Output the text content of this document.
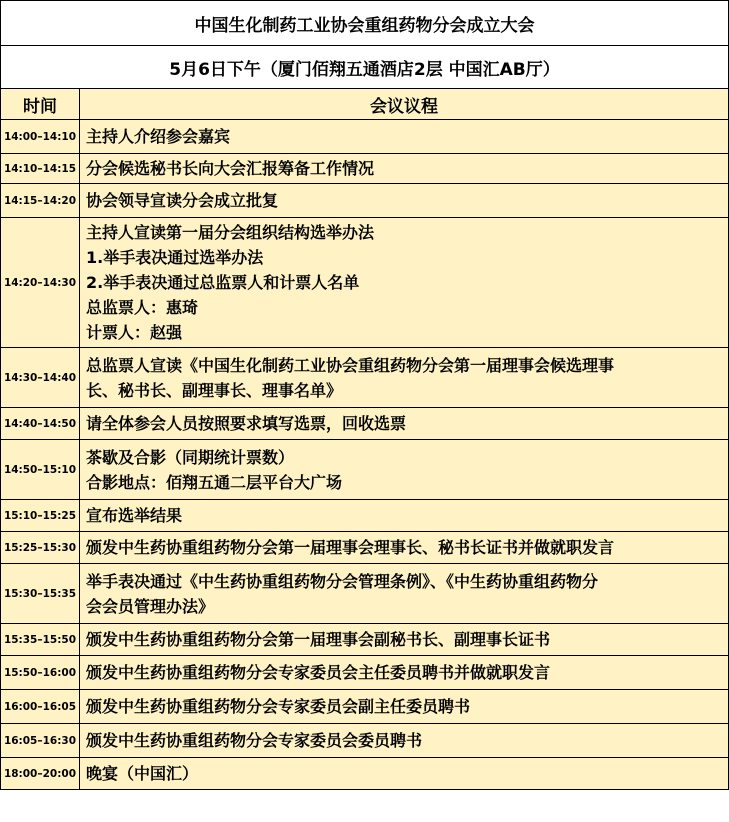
中国生化制药工业协会重组药物分会成立大会	
5月6日下午（厦门佰翔五通酒店2层 中国汇AB厅）	
时间	会议议程
14:00–14:10	主持人介绍参会嘉宾

14:10–14:15	分会候选秘书长向大会汇报筹备工作情况

14:15–14:20	协会领导宣读分会成立批复

14:20–14:30	主持人宣读第一届分会组织结构选举办法
1.举手表决通过选举办法
2.举手表决通过总监票人和计票人名单
总监票人：惠琦
计票人：赵强

14:30–14:40	总监票人宣读《中国生化制药工业协会重组药物分会第一届理事会候选理事
长、秘书长、副理事长、理事名单》

14:40–14:50	请全体参会人员按照要求填写选票，回收选票

14:50–15:10	茶歇及合影（同期统计票数）
合影地点：佰翔五通二层平台大广场

15:10–15:25	宣布选举结果

15:25–15:30	颁发中生药协重组药物分会第一届理事会理事长、秘书长证书并做就职发言

15:30–15:35	举手表决通过《中生药协重组药物分会管理条例》、《中生药协重组药物分
会会员管理办法》

15:35–15:50	颁发中生药协重组药物分会第一届理事会副秘书长、副理事长证书

15:50–16:00	颁发中生药协重组药物分会专家委员会主任委员聘书并做就职发言

16:00–16:05	颁发中生药协重组药物分会专家委员会副主任委员聘书

16:05–16:30	颁发中生药协重组药物分会专家委员会委员聘书

18:00–20:00	晚宴（中国汇）
